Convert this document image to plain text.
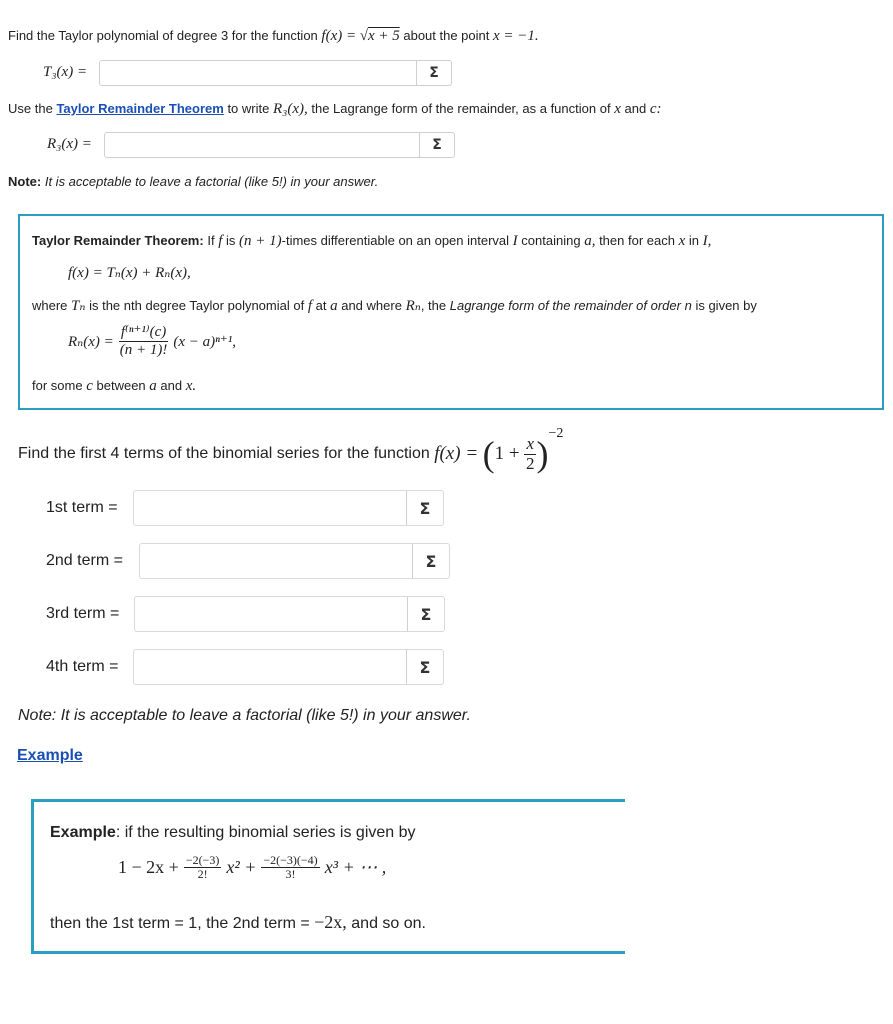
Find the Taylor polynomial of degree 3 for the function f(x) = √x + 5 about the point x = −1.
T₃(x) =	Σ
Use the Taylor Remainder Theorem to write R₃(x), the Lagrange form of the remainder, as a function of x and c:
R₃(x) =	Σ
Note: It is acceptable to leave a factorial (like 5!) in your answer.
Taylor Remainder Theorem: If f is (n + 1)-times differentiable on an open interval I containing a, then for each x in I,
f(x) = Tₙ(x) + Rₙ(x),
where Tₙ is the nth degree Taylor polynomial of f at a and where Rₙ, the Lagrange form of the remainder of order n is given by
$R_n(x) = \frac{\text{f⁽ⁿ⁺¹⁾(c)}}{(n + 1)!} (x - a)^{n+1}$,
for some c between a and x.
Find the first 4 terms of the binomial series for the function
f(x) =
( 1 +
$\frac{x}{2}$ )
−2
1st term =	Σ
2nd term =	Σ
3rd term =	Σ
4th term =	Σ
Note: It is acceptable to leave a factorial (like 5!) in your answer.
Example
Example: if the resulting binomial series is given by
$1 - 2x + \frac{-2(-3)}{2!} x^2 + \frac{-2(-3)(-4)}{3!} x^3$ + ⋯ ,
then the 1st term = 1, the 2nd term = −2x, and so on.
